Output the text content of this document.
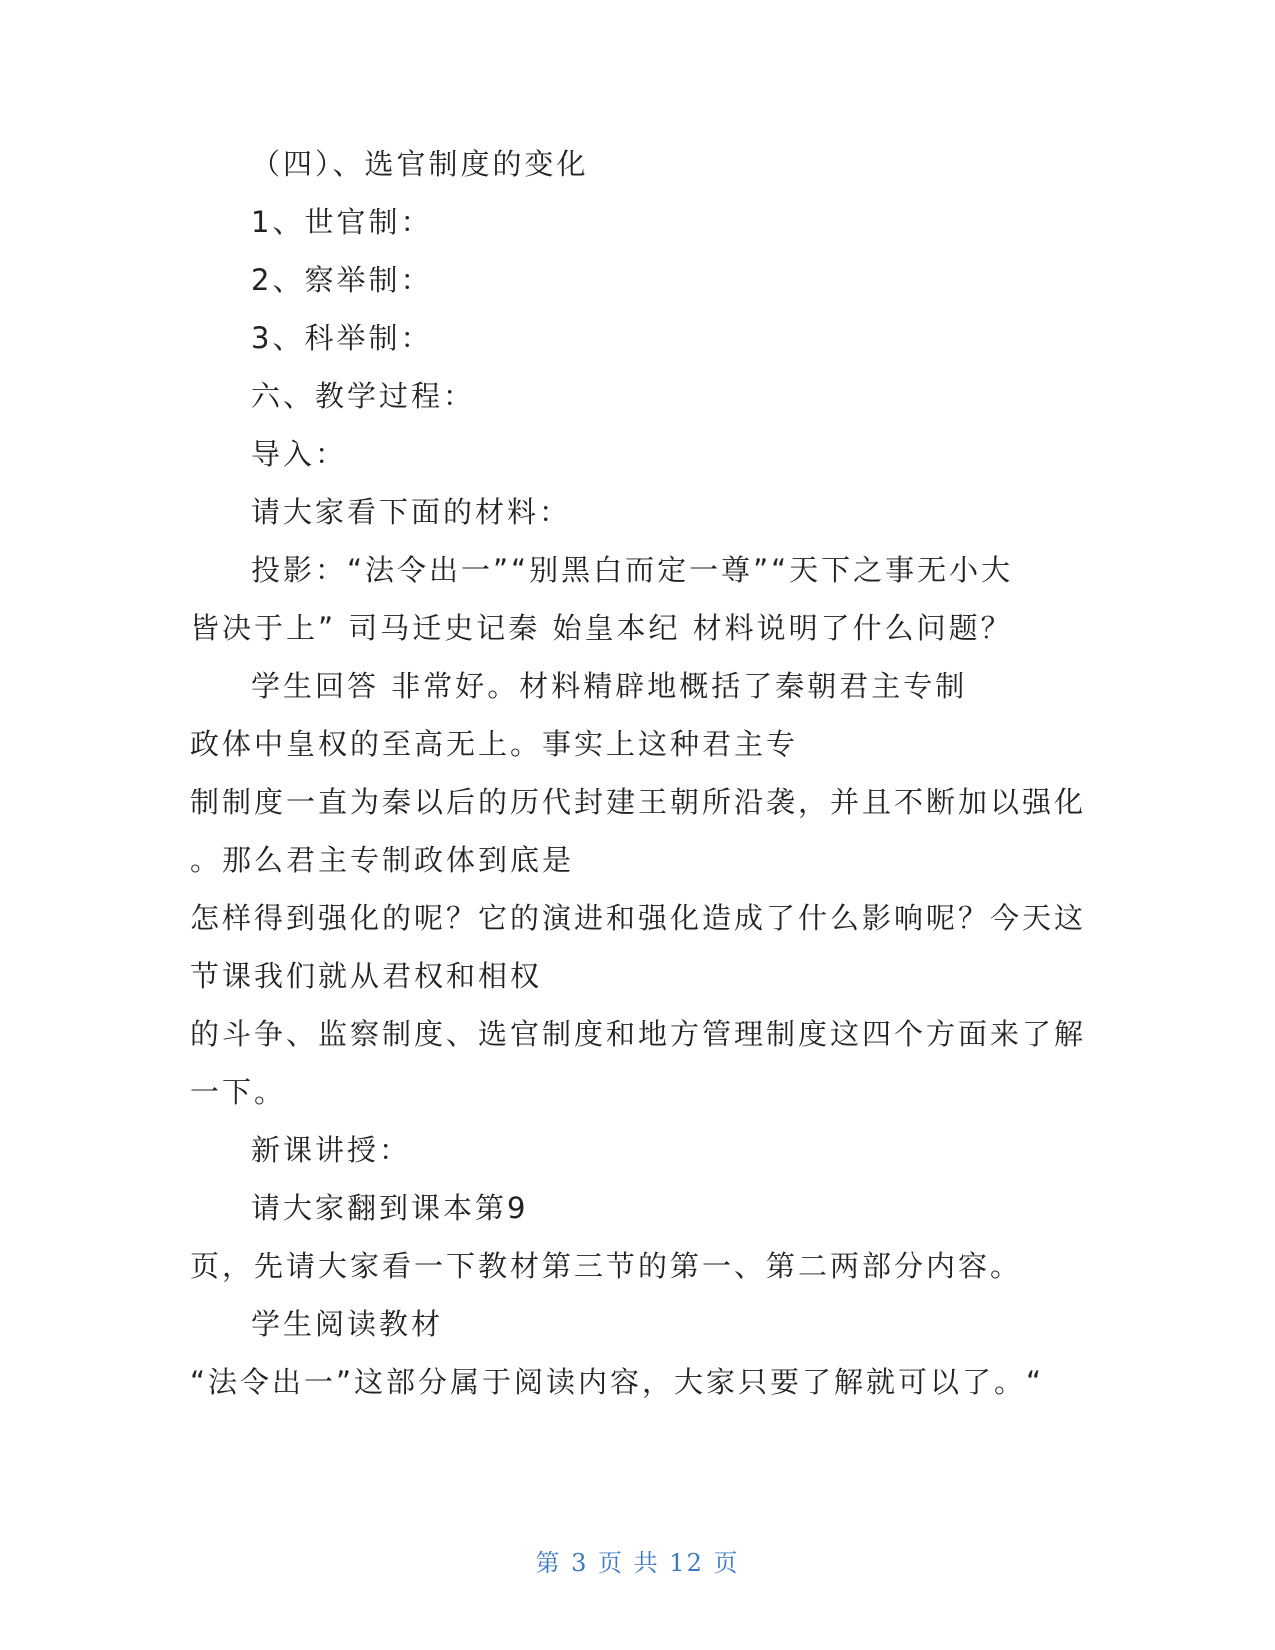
（四）、选官制度的变化
1、世官制：
2、察举制：
3、科举制：
六、教学过程：
导入：
请大家看下面的材料：
投影：“法令出一”“别黑白而定一尊”“天下之事无小大
皆决于上” 司马迁史记秦 始皇本纪 材料说明了什么问题？
学生回答 非常好。材料精辟地概括了秦朝君主专制
政体中皇权的至高无上。事实上这种君主专
制制度一直为秦以后的历代封建王朝所沿袭，并且不断加以强化
。那么君主专制政体到底是
怎样得到强化的呢？它的演进和强化造成了什么影响呢？今天这
节课我们就从君权和相权
的斗争、监察制度、选官制度和地方管理制度这四个方面来了解
一下。
新课讲授：
请大家翻到课本第9
页，先请大家看一下教材第三节的第一、第二两部分内容。
学生阅读教材
“法令出一”这部分属于阅读内容，大家只要了解就可以了。“
第 3 页 共 12 页
